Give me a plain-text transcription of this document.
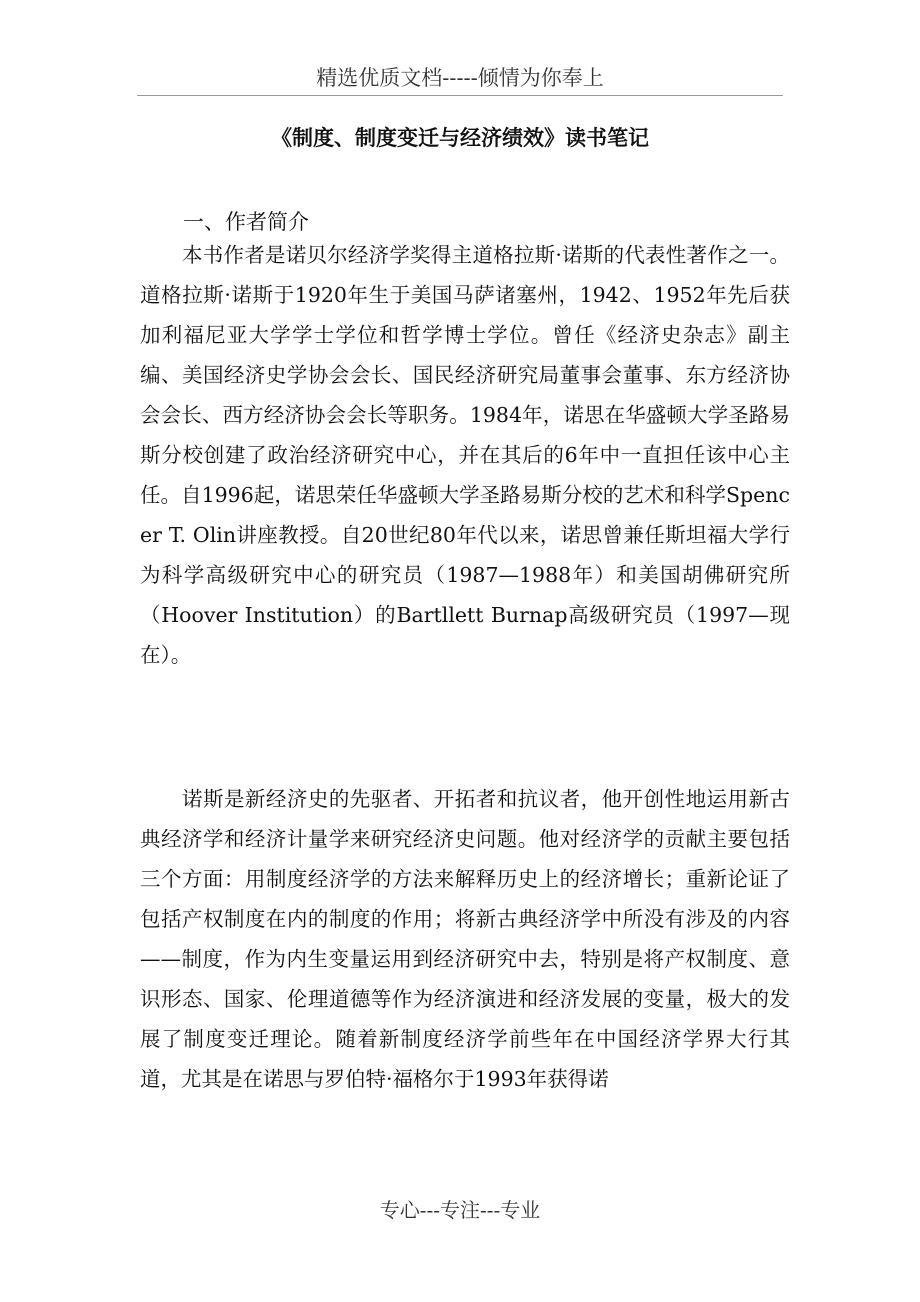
精选优质文档-----倾情为你奉上
《制度、制度变迁与经济绩效》读书笔记
一、作者简介

本书作者是诺贝尔经济学奖得主道格拉斯·诺斯的代表性著作之一。道格拉斯·诺斯于1920年生于美国马萨诸塞州，1942、1952年先后获加利福尼亚大学学士学位和哲学博士学位。曾任《经济史杂志》副主编、美国经济史学协会会长、国民经济研究局董事会董事、东方经济协会会长、西方经济协会会长等职务。1984年，诺思在华盛顿大学圣路易斯分校创建了政治经济研究中心，并在其后的6年中一直担任该中心主任。自1996起，诺思荣任华盛顿大学圣路易斯分校的艺术和科学Spencer T. Olin讲座教授。自20世纪80年代以来，诺思曾兼任斯坦福大学行为科学高级研究中心的研究员（1987—1988年）和美国胡佛研究所（Hoover Institution）的Bartllett Burnap高级研究员（1997—现在）。

诺斯是新经济史的先驱者、开拓者和抗议者，他开创性地运用新古典经济学和经济计量学来研究经济史问题。他对经济学的贡献主要包括三个方面：用制度经济学的方法来解释历史上的经济增长；重新论证了包括产权制度在内的制度的作用；将新古典经济学中所没有涉及的内容——制度，作为内生变量运用到经济研究中去，特别是将产权制度、意识形态、国家、伦理道德等作为经济演进和经济发展的变量，极大的发展了制度变迁理论。随着新制度经济学前些年在中国经济学界大行其道，尤其是在诺思与罗伯特·福格尔于1993年获得诺

专心---专注---专业
